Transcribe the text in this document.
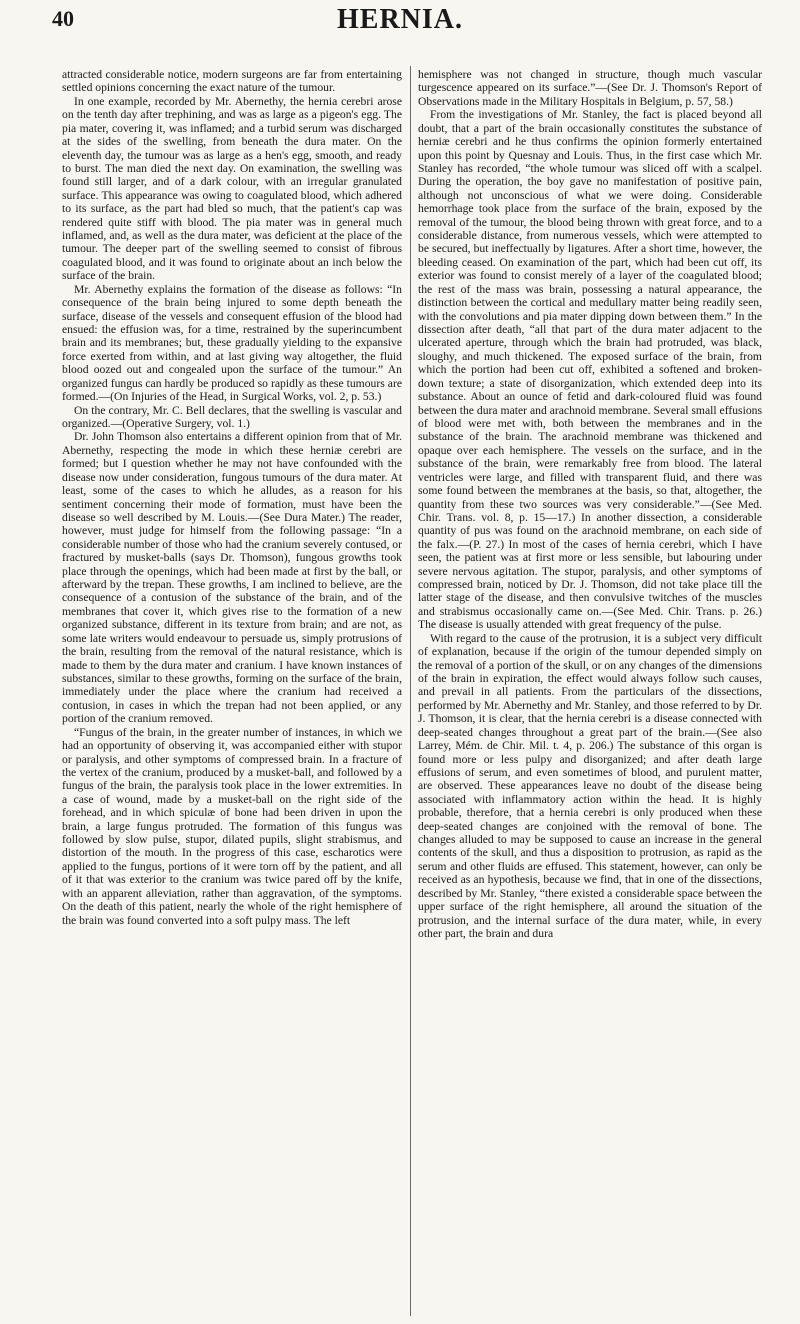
40	HERNIA.

attracted considerable notice, modern surgeons are far from entertaining settled opinions concerning the exact nature of the tumour.

In one example, recorded by Mr. Abernethy, the hernia cerebri arose on the tenth day after trephining, and was as large as a pigeon's egg. The pia mater, covering it, was inflamed; and a turbid serum was discharged at the sides of the swelling, from beneath the dura mater. On the eleventh day, the tumour was as large as a hen's egg, smooth, and ready to burst. The man died the next day. On examination, the swelling was found still larger, and of a dark colour, with an irregular granulated surface. This appearance was owing to coagulated blood, which adhered to its surface, as the part had bled so much, that the patient's cap was rendered quite stiff with blood. The pia mater was in general much inflamed, and, as well as the dura mater, was deficient at the place of the tumour. The deeper part of the swelling seemed to consist of fibrous coagulated blood, and it was found to originate about an inch below the surface of the brain.

Mr. Abernethy explains the formation of the disease as follows: “In consequence of the brain being injured to some depth beneath the surface, disease of the vessels and consequent effusion of the blood had ensued: the effusion was, for a time, restrained by the superincumbent brain and its membranes; but, these gradually yielding to the expansive force exerted from within, and at last giving way altogether, the fluid blood oozed out and congealed upon the surface of the tumour.” An organized fungus can hardly be produced so rapidly as these tumours are formed.—(On Injuries of the Head, in Surgical Works, vol. 2, p. 53.)

On the contrary, Mr. C. Bell declares, that the swelling is vascular and organized.—(Operative Surgery, vol. 1.)

Dr. John Thomson also entertains a different opinion from that of Mr. Abernethy, respecting the mode in which these herniæ cerebri are formed; but I question whether he may not have confounded with the disease now under consideration, fungous tumours of the dura mater. At least, some of the cases to which he alludes, as a reason for his sentiment concerning their mode of formation, must have been the disease so well described by M. Louis.—(See Dura Mater.) The reader, however, must judge for himself from the following passage: “In a considerable number of those who had the cranium severely contused, or fractured by musket-balls (says Dr. Thomson), fungous growths took place through the openings, which had been made at first by the ball, or afterward by the trepan. These growths, I am inclined to believe, are the consequence of a contusion of the substance of the brain, and of the membranes that cover it, which gives rise to the formation of a new organized substance, different in its texture from brain; and are not, as some late writers would endeavour to persuade us, simply protrusions of the brain, resulting from the removal of the natural resistance, which is made to them by the dura mater and cranium. I have known instances of substances, similar to these growths, forming on the surface of the brain, immediately under the place where the cranium had received a contusion, in cases in which the trepan had not been applied, or any portion of the cranium removed.

“Fungus of the brain, in the greater number of instances, in which we had an opportunity of observing it, was accompanied either with stupor or paralysis, and other symptoms of compressed brain. In a fracture of the vertex of the cranium, produced by a musket-ball, and followed by a fungus of the brain, the paralysis took place in the lower extremities. In a case of wound, made by a musket-ball on the right side of the forehead, and in which spiculæ of bone had been driven in upon the brain, a large fungus protruded. The formation of this fungus was followed by slow pulse, stupor, dilated pupils, slight strabismus, and distortion of the mouth. In the progress of this case, escharotics were applied to the fungus, portions of it were torn off by the patient, and all of it that was exterior to the cranium was twice pared off by the knife, with an apparent alleviation, rather than aggravation, of the symptoms. On the death of this patient, nearly the whole of the right hemisphere of the brain was found converted into a soft pulpy mass. The left

hemisphere was not changed in structure, though much vascular turgescence appeared on its surface.”—(See Dr. J. Thomson's Report of Observations made in the Military Hospitals in Belgium, p. 57, 58.)

From the investigations of Mr. Stanley, the fact is placed beyond all doubt, that a part of the brain occasionally constitutes the substance of herniæ cerebri and he thus confirms the opinion formerly entertained upon this point by Quesnay and Louis. Thus, in the first case which Mr. Stanley has recorded, “the whole tumour was sliced off with a scalpel. During the operation, the boy gave no manifestation of positive pain, although not unconscious of what we were doing. Considerable hemorrhage took place from the surface of the brain, exposed by the removal of the tumour, the blood being thrown with great force, and to a considerable distance, from numerous vessels, which were attempted to be secured, but ineffectually by ligatures. After a short time, however, the bleeding ceased. On examination of the part, which had been cut off, its exterior was found to consist merely of a layer of the coagulated blood; the rest of the mass was brain, possessing a natural appearance, the distinction between the cortical and medullary matter being readily seen, with the convolutions and pia mater dipping down between them.” In the dissection after death, “all that part of the dura mater adjacent to the ulcerated aperture, through which the brain had protruded, was black, sloughy, and much thickened. The exposed surface of the brain, from which the portion had been cut off, exhibited a softened and broken-down texture; a state of disorganization, which extended deep into its substance. About an ounce of fetid and dark-coloured fluid was found between the dura mater and arachnoid membrane. Several small effusions of blood were met with, both between the membranes and in the substance of the brain. The arachnoid membrane was thickened and opaque over each hemisphere. The vessels on the surface, and in the substance of the brain, were remarkably free from blood. The lateral ventricles were large, and filled with transparent fluid, and there was some found between the membranes at the basis, so that, altogether, the quantity from these two sources was very considerable.”—(See Med. Chir. Trans. vol. 8, p. 15—17.) In another dissection, a considerable quantity of pus was found on the arachnoid membrane, on each side of the falx.—(P. 27.) In most of the cases of hernia cerebri, which I have seen, the patient was at first more or less sensible, but labouring under severe nervous agitation. The stupor, paralysis, and other symptoms of compressed brain, noticed by Dr. J. Thomson, did not take place till the latter stage of the disease, and then convulsive twitches of the muscles and strabismus occasionally came on.—(See Med. Chir. Trans. p. 26.) The disease is usually attended with great frequency of the pulse.

With regard to the cause of the protrusion, it is a subject very difficult of explanation, because if the origin of the tumour depended simply on the removal of a portion of the skull, or on any changes of the dimensions of the brain in expiration, the effect would always follow such causes, and prevail in all patients. From the particulars of the dissections, performed by Mr. Abernethy and Mr. Stanley, and those referred to by Dr. J. Thomson, it is clear, that the hernia cerebri is a disease connected with deep-seated changes throughout a great part of the brain.—(See also Larrey, Mém. de Chir. Mil. t. 4, p. 206.) The substance of this organ is found more or less pulpy and disorganized; and after death large effusions of serum, and even sometimes of blood, and purulent matter, are observed. These appearances leave no doubt of the disease being associated with inflammatory action within the head. It is highly probable, therefore, that a hernia cerebri is only produced when these deep-seated changes are conjoined with the removal of bone. The changes alluded to may be supposed to cause an increase in the general contents of the skull, and thus a disposition to protrusion, as rapid as the serum and other fluids are effused. This statement, however, can only be received as an hypothesis, because we find, that in one of the dissections, described by Mr. Stanley, “there existed a considerable space between the upper surface of the right hemisphere, all around the situation of the protrusion, and the internal surface of the dura mater, while, in every other part, the brain and dura
